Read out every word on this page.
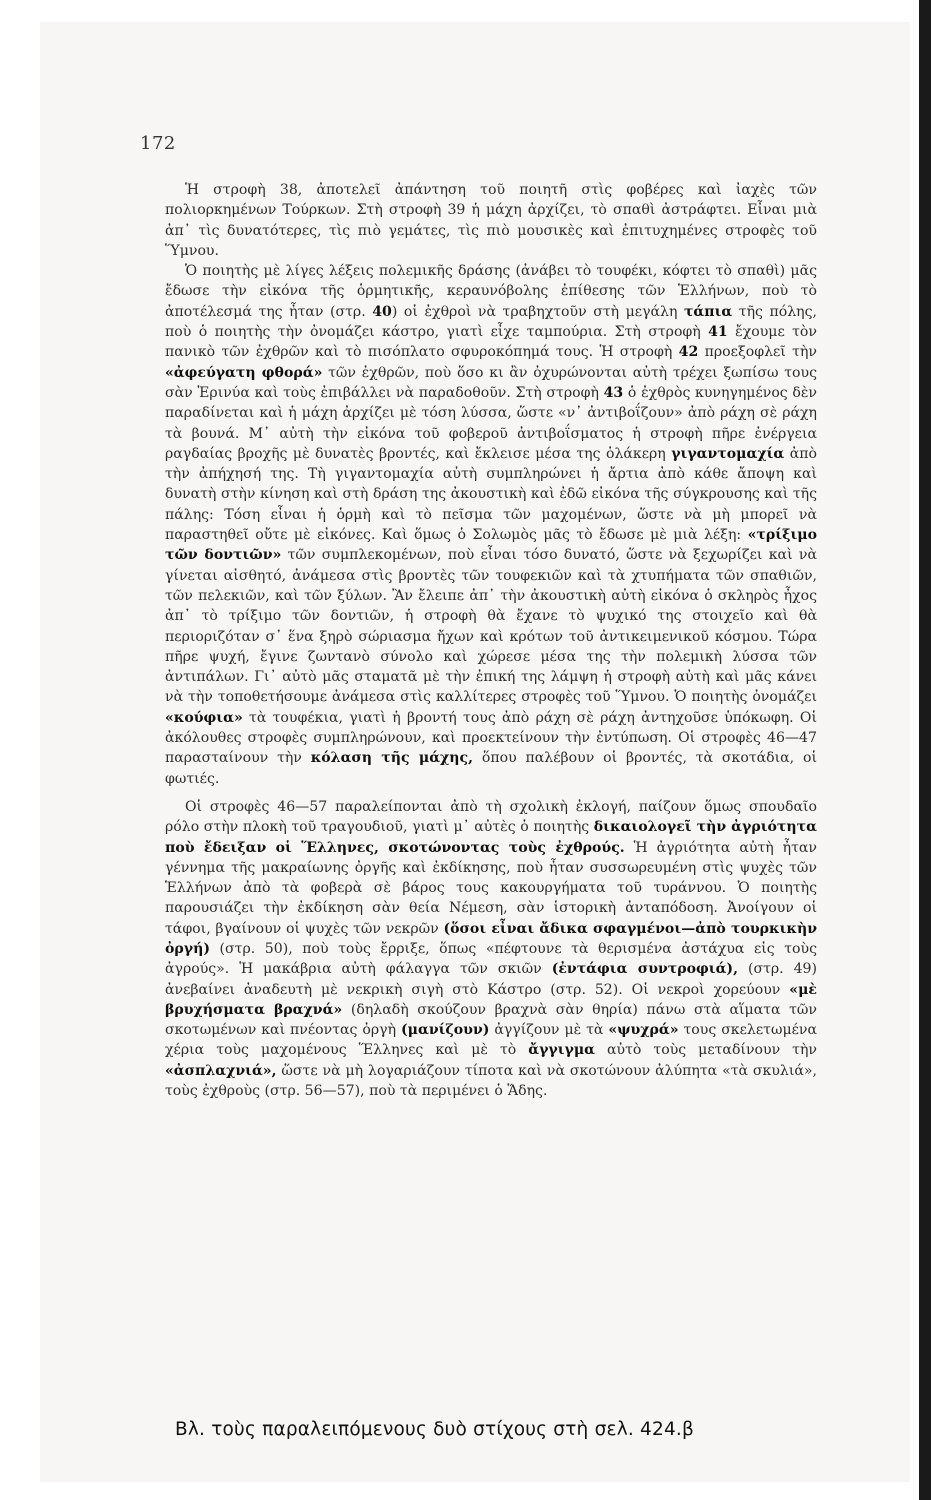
172

Ἡ στροφὴ 38, ἀποτελεῖ ἀπάντηση τοῦ ποιητῆ στὶς φοβέρες καὶ ἰαχὲς τῶν πολιορκημένων Τούρκων. Στὴ στροφὴ 39 ἡ μάχη ἀρχίζει, τὸ σπαθὶ ἀστράφτει. Εἶναι μιὰ ἀπ᾽ τὶς δυνατότερες, τὶς πιὸ γεμάτες, τὶς πιὸ μουσικὲς καὶ ἐπιτυχημένες στροφὲς τοῦ Ὕμνου.

Ὁ ποιητὴς μὲ λίγες λέξεις πολεμικῆς δράσης (ἀνάβει τὸ τουφέκι, κόφτει τὸ σπαθὶ) μᾶς ἔδωσε τὴν εἰκόνα τῆς ὁρμητικῆς, κεραυνόβολης ἐπίθεσης τῶν Ἑλλήνων, ποὺ τὸ ἀποτέλεσμά της ἦταν (στρ. 40) οἱ ἐχθροὶ νὰ τραβηχτοῦν στὴ μεγάλη τάπια τῆς πόλης, ποὺ ὁ ποιητὴς τὴν ὀνομάζει κάστρο, γιατὶ εἶχε ταμπούρια. Στὴ στροφὴ 41 ἔχουμε τὸν πανικὸ τῶν ἐχθρῶν καὶ τὸ πισόπλατο σφυροκόπημά τους. Ἡ στροφὴ 42 προεξοφλεῖ τὴν «ἀφεύγατη φθορά» τῶν ἐχθρῶν, ποὺ ὅσο κι ἂν ὀχυρώνονται αὐτὴ τρέχει ξωπίσω τους σὰν Ἐρινύα καὶ τοὺς ἐπιβάλλει νὰ παραδοθοῦν. Στὴ στροφὴ 43 ὁ ἐχθρὸς κυνηγημένος δὲν παραδίνεται καὶ ἡ μάχη ἀρχίζει μὲ τόση λύσσα, ὥστε «ν᾽ ἀντιβοΐζουν» ἀπὸ ράχη σὲ ράχη τὰ βουνά. Μ᾽ αὐτὴ τὴν εἰκόνα τοῦ φοβεροῦ ἀντιβοΐσματος ἡ στροφὴ πῆρε ἐνέργεια ραγδαίας βροχῆς μὲ δυνατὲς βροντές, καὶ ἔκλεισε μέσα της ὁλάκερη γιγαντομαχία ἀπὸ τὴν ἀπήχησή της. Τὴ γιγαντομαχία αὐτὴ συμπληρώνει ἡ ἄρτια ἀπὸ κάθε ἄποψη καὶ δυνατὴ στὴν κίνηση καὶ στὴ δράση της ἀκουστικὴ καὶ ἐδῶ εἰκόνα τῆς σύγκρουσης καὶ τῆς πάλης: Τόση εἶναι ἡ ὁρμὴ καὶ τὸ πεῖσμα τῶν μαχομένων, ὥστε νὰ μὴ μπορεῖ νὰ παραστηθεῖ οὔτε μὲ εἰκόνες. Καὶ ὅμως ὁ Σολωμὸς μᾶς τὸ ἔδωσε μὲ μιὰ λέξη: «τρίξιμο τῶν δοντιῶν» τῶν συμπλεκομένων, ποὺ εἶναι τόσο δυνατό, ὥστε νὰ ξεχωρίζει καὶ νὰ γίνεται αἰσθητό, ἀνάμεσα στὶς βροντὲς τῶν τουφεκιῶν καὶ τὰ χτυπήματα τῶν σπαθιῶν, τῶν πελεκιῶν, καὶ τῶν ξύλων. Ἂν ἔλειπε ἀπ᾽ τὴν ἀκουστικὴ αὐτὴ εἰκόνα ὁ σκληρὸς ἦχος ἀπ᾽ τὸ τρίξιμο τῶν δοντιῶν, ἡ στροφὴ θὰ ἔχανε τὸ ψυχικό της στοιχεῖο καὶ θὰ περιοριζόταν σ᾽ ἕνα ξηρὸ σώριασμα ἤχων καὶ κρότων τοῦ ἀντικειμενικοῦ κόσμου. Τώρα πῆρε ψυχή, ἔγινε ζωντανὸ σύνολο καὶ χώρεσε μέσα της τὴν πολεμικὴ λύσσα τῶν ἀντιπάλων. Γι᾽ αὐτὸ μᾶς σταματᾶ μὲ τὴν ἐπική της λάμψη ἡ στροφὴ αὐτὴ καὶ μᾶς κάνει νὰ τὴν τοποθετήσουμε ἀνάμεσα στὶς καλλίτερες στροφὲς τοῦ Ὕμνου. Ὁ ποιητὴς ὀνομάζει «κούφια» τὰ τουφέκια, γιατὶ ἡ βροντή τους ἀπὸ ράχη σὲ ράχη ἀντηχοῦσε ὑπόκωφη. Οἱ ἀκόλουθες στροφὲς συμπληρώνουν, καὶ προεκτείνουν τὴν ἐντύπωση. Οἱ στροφὲς 46—47 παρασταίνουν τὴν κόλαση τῆς μάχης, ὅπου παλέβουν οἱ βροντές, τὰ σκοτάδια, οἱ φωτιές.

Οἱ στροφὲς 46—57 παραλείπονται ἀπὸ τὴ σχολικὴ ἐκλογή, παίζουν ὅμως σπουδαῖο ρόλο στὴν πλοκὴ τοῦ τραγουδιοῦ, γιατὶ μ᾽ αὐτὲς ὁ ποιητὴς δικαιολογεῖ τὴν ἀγριότητα ποὺ ἔδειξαν οἱ Ἕλληνες, σκοτώνοντας τοὺς ἐχθρούς. Ἡ ἀγριότητα αὐτὴ ἦταν γέννημα τῆς μακραίωνης ὀργῆς καὶ ἐκδίκησης, ποὺ ἦταν συσσωρευμένη στὶς ψυχὲς τῶν Ἑλλήνων ἀπὸ τὰ φοβερὰ σὲ βάρος τους κακουργήματα τοῦ τυράννου. Ὁ ποιητὴς παρουσιάζει τὴν ἐκδίκηση σὰν θεία Νέμεση, σὰν ἱστορικὴ ἀνταπόδοση. Ἀνοίγουν οἱ τάφοι, βγαίνουν οἱ ψυχὲς τῶν νεκρῶν (ὅσοι εἶναι ἄδικα σφαγμένοι—ἀπὸ τουρκικὴν ὀργή) (στρ. 50), ποὺ τοὺς ἔρριξε, ὅπως «πέφτουνε τὰ θερισμένα ἀστάχυα εἰς τοὺς ἀγρούς». Ἡ μακάβρια αὐτὴ φάλαγγα τῶν σκιῶν (ἐντάφια συντροφιά), (στρ. 49) ἀνεβαίνει ἀναδευτὴ μὲ νεκρικὴ σιγὴ στὸ Κάστρο (στρ. 52). Οἱ νεκροὶ χορεύουν «μὲ βρυχήσματα βραχνά» (δηλαδὴ σκούζουν βραχνὰ σὰν θηρία) πάνω στὰ αἵματα τῶν σκοτωμένων καὶ πνέοντας ὀργὴ (μανίζουν) ἀγγίζουν μὲ τὰ «ψυχρά» τους σκελετωμένα χέρια τοὺς μαχομένους Ἕλληνες καὶ μὲ τὸ ἄγγιγμα αὐτὸ τοὺς μεταδίνουν τὴν «ἀσπλαχνιά», ὥστε νὰ μὴ λογαριάζουν τίποτα καὶ νὰ σκοτώνουν ἀλύπητα «τὰ σκυλιά», τοὺς ἐχθροὺς (στρ. 56—57), ποὺ τὰ περιμένει ὁ Ἅδης.

Βλ. τοὺς παραλειπόμενους δυὸ στίχους στὴ σελ. 424.β
